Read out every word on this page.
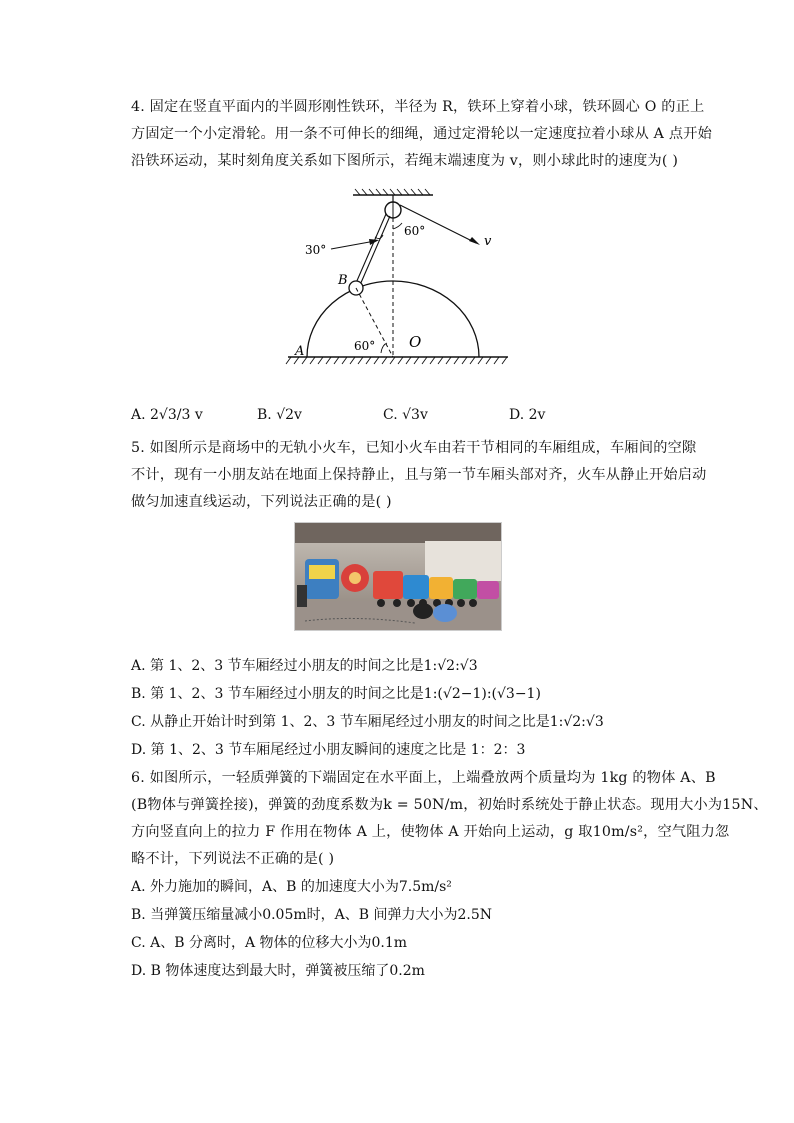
4. 固定在竖直平面内的半圆形刚性铁环，半径为 R，铁环上穿着小球，铁环圆心 O 的正上
方固定一个小定滑轮。用一条不可伸长的细绳，通过定滑轮以一定速度拉着小球从 A 点开始
沿铁环运动，某时刻角度关系如下图所示，若绳末端速度为 v，则小球此时的速度为( )
30°
60°
v
B
60° O
A
A. 2√3/3 v	B. √2v	C. √3v	D. 2v
5. 如图所示是商场中的无轨小火车，已知小火车由若干节相同的车厢组成，车厢间的空隙
不计，现有一小朋友站在地面上保持静止，且与第一节车厢头部对齐，火车从静止开始启动
做匀加速直线运动，下列说法正确的是( )
A. 第 1、2、3 节车厢经过小朋友的时间之比是1:√2:√3
B. 第 1、2、3 节车厢经过小朋友的时间之比是1:(√2−1):(√3−1)
C. 从静止开始计时到第 1、2、3 节车厢尾经过小朋友的时间之比是1:√2:√3
D. 第 1、2、3 节车厢尾经过小朋友瞬间的速度之比是 1：2：3
6. 如图所示，一轻质弹簧的下端固定在水平面上，上端叠放两个质量均为 1kg 的物体 A、B
(B物体与弹簧拴接)，弹簧的劲度系数为k = 50N/m，初始时系统处于静止状态。现用大小为15N、
方向竖直向上的拉力 F 作用在物体 A 上，使物体 A 开始向上运动，g 取10m/s²，空气阻力忽
略不计，下列说法不正确的是( )
A. 外力施加的瞬间，A、B 的加速度大小为7.5m/s²
B. 当弹簧压缩量减小0.05m时，A、B 间弹力大小为2.5N
C. A、B 分离时，A 物体的位移大小为0.1m
D. B 物体速度达到最大时，弹簧被压缩了0.2m
